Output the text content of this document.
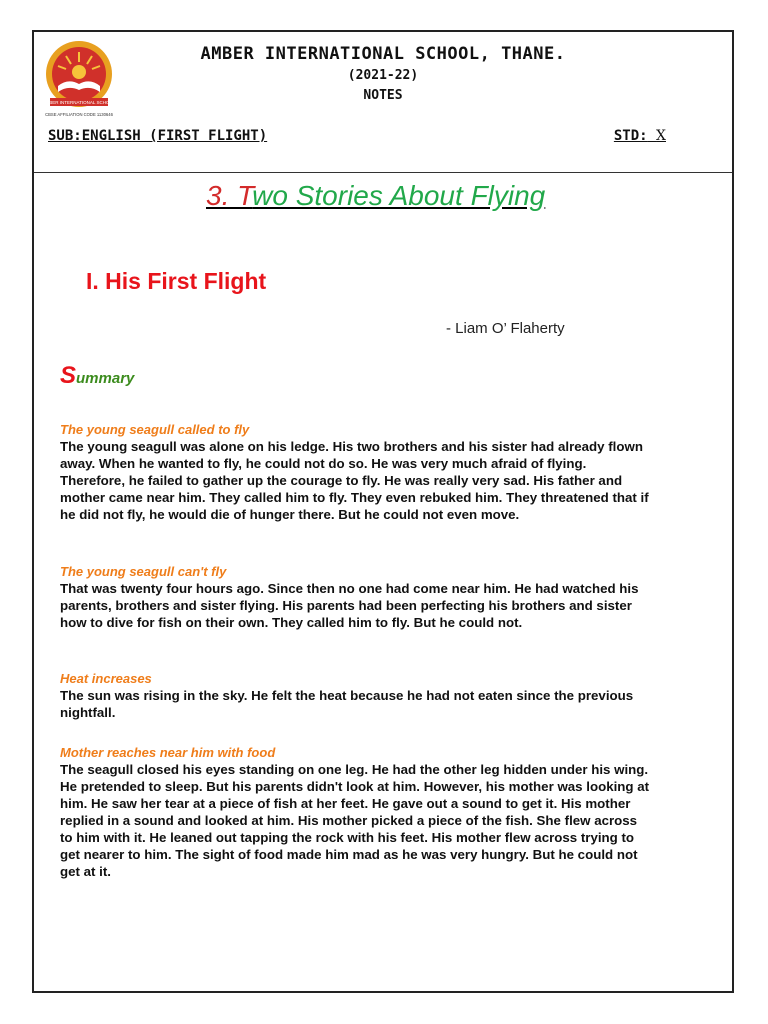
AMBER INTERNATIONAL SCHOOL
CBSE AFFILIATION CODE 1130646
AMBER INTERNATIONAL SCHOOL, THANE.
(2021-22)
NOTES
SUB:ENGLISH (FIRST FLIGHT)	STD: X
3. Two Stories About Flying
I. His First Flight
- Liam O’ Flaherty
Summary
The young seagull called to fly
The young seagull was alone on his ledge. His two brothers and his sister had already flown away. When he wanted to fly, he could not do so. He was very much afraid of flying. Therefore, he failed to gather up the courage to fly. He was really very sad. His father and mother came near him. They called him to fly. They even rebuked him. They threatened that if he did not fly, he would die of hunger there. But he could not even move.
The young seagull can't fly
That was twenty four hours ago. Since then no one had come near him. He had watched his parents, brothers and sister flying. His parents had been perfecting his brothers and sister how to dive for fish on their own. They called him to fly. But he could not.
Heat increases
The sun was rising in the sky. He felt the heat because he had not eaten since the previous nightfall.
Mother reaches near him with food
The seagull closed his eyes standing on one leg. He had the other leg hidden under his wing. He pretended to sleep. But his parents didn't look at him. However, his mother was looking at him. He saw her tear at a piece of fish at her feet. He gave out a sound to get it. His mother replied in a sound and looked at him. His mother picked a piece of the fish. She flew across to him with it. He leaned out tapping the rock with his feet. His mother flew across trying to get nearer to him. The sight of food made him mad as he was very hungry. But he could not get at it.
